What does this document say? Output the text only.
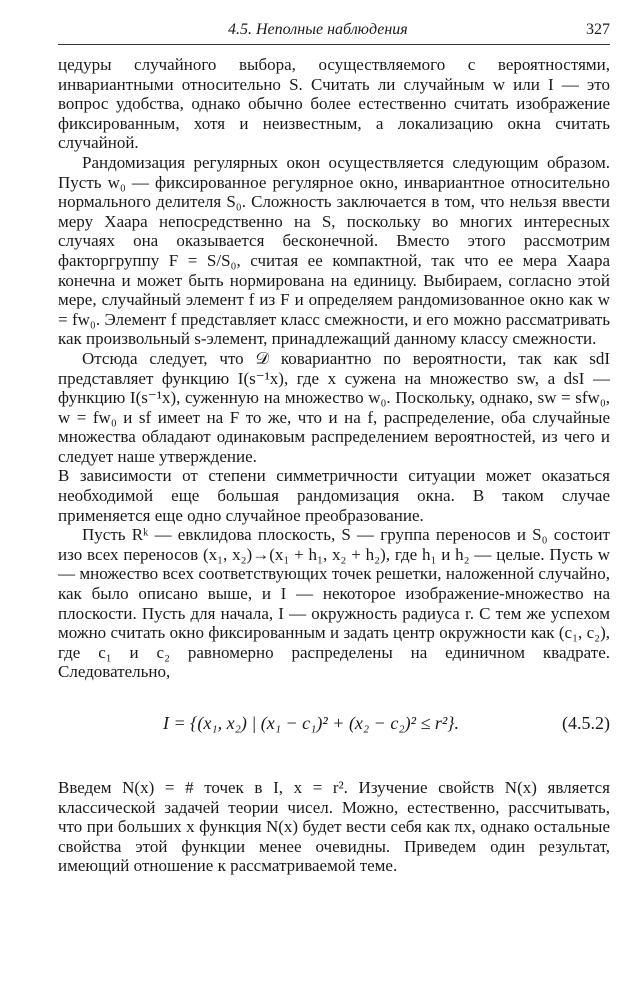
4.5. Неполные наблюдения	327

цедуры случайного выбора, осуществляемого с вероятностями, инвариантными относительно S. Считать ли случайным w или I — это вопрос удобства, однако обычно более естественно считать изображение фиксированным, хотя и неизвестным, а локализацию окна считать случайной.

Рандомизация регулярных окон осуществляется следующим образом. Пусть w₀ — фиксированное регулярное окно, инвариантное относительно нормального делителя S₀. Сложность заключается в том, что нельзя ввести меру Хаара непосредственно на S, поскольку во многих интересных случаях она оказывается бесконечной. Вместо этого рассмотрим факторгруппу F = S/S₀, считая ее компактной, так что ее мера Хаара конечна и может быть нормирована на единицу. Выбираем, согласно этой мере, случайный элемент f из F и определяем рандомизованное окно как w = fw₀. Элемент f представляет класс смежности, и его можно рассматривать как произвольный s-элемент, принадлежащий данному классу смежности.

Отсюда следует, что 𝒟 ковариантно по вероятности, так как sdI представляет функцию I(s⁻¹x), где x сужена на множество sw, а dsI — функцию I(s⁻¹x), суженную на множество w₀. Поскольку, однако, sw = sfw₀, w = fw₀ и sf имеет на F то же, что и на f, распределение, оба случайные множества обладают одинаковым распределением вероятностей, из чего и следует наше утверждение.

В зависимости от степени симметричности ситуации может оказаться необходимой еще большая рандомизация окна. В таком случае применяется еще одно случайное преобразование.

Пусть Rᵏ — евклидова плоскость, S — группа переносов и S₀ состоит изо всех переносов (x₁, x₂)→(x₁ + h₁, x₂ + h₂), где h₁ и h₂ — целые. Пусть w — множество всех соответствующих точек решетки, наложенной случайно, как было описано выше, и I — некоторое изображение-множество на плоскости. Пусть для начала, I — окружность радиуса r. С тем же успехом можно считать окно фиксированным и задать центр окружности как (c₁, c₂), где c₁ и c₂ равномерно распределены на единичном квадрате. Следовательно,

I = {(x₁, x₂) | (x₁ − c₁)² + (x₂ − c₂)² ≤ r²}.	(4.5.2)

Введем N(x) = # точек в I, x = r². Изучение свойств N(x) является классической задачей теории чисел. Можно, естественно, рассчитывать, что при больших x функция N(x) будет вести себя как πx, однако остальные свойства этой функции менее очевидны. Приведем один результат, имеющий отношение к рассматриваемой теме.
